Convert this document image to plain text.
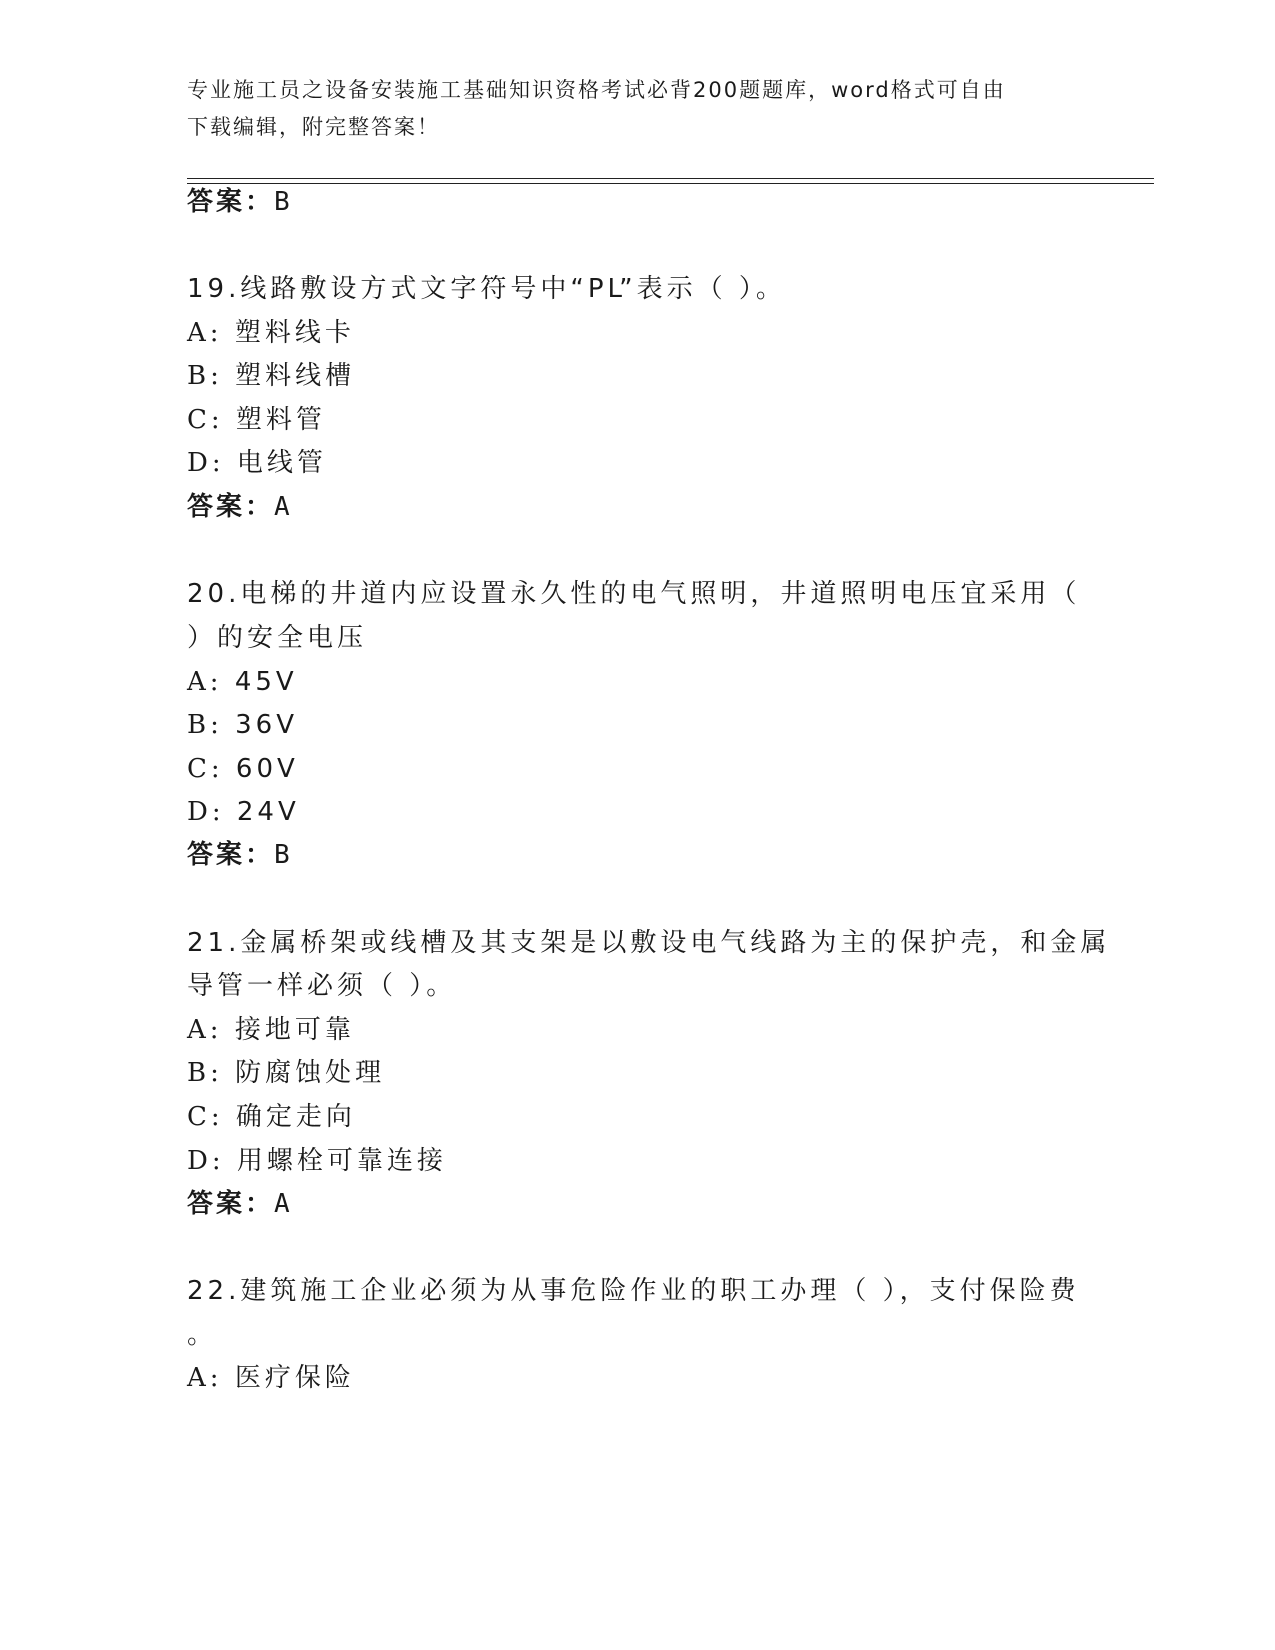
专业施工员之设备安装施工基础知识资格考试必背200题题库，word格式可自由
下载编辑，附完整答案！
答案：B
19.线路敷设方式文字符号中“PL”表示（ ）。
A: 塑料线卡
B: 塑料线槽
C: 塑料管
D: 电线管
答案：A
20.电梯的井道内应设置永久性的电气照明，井道照明电压宜采用（
）的安全电压
A: 45V
B: 36V
C: 60V
D: 24V
答案：B
21.金属桥架或线槽及其支架是以敷设电气线路为主的保护壳，和金属
导管一样必须（ ）。
A: 接地可靠
B: 防腐蚀处理
C: 确定走向
D: 用螺栓可靠连接
答案：A
22.建筑施工企业必须为从事危险作业的职工办理（ ），支付保险费
。
A: 医疗保险
